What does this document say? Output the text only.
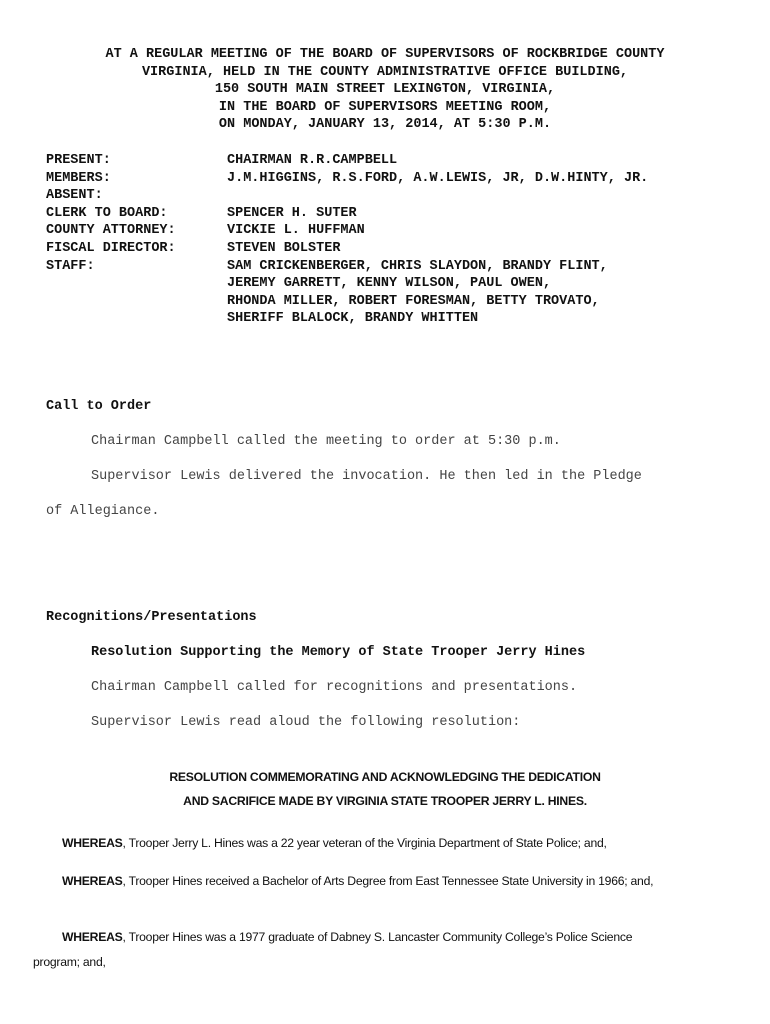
AT A REGULAR MEETING OF THE BOARD OF SUPERVISORS OF ROCKBRIDGE COUNTY
VIRGINIA, HELD IN THE COUNTY ADMINISTRATIVE OFFICE BUILDING,
150 SOUTH MAIN STREET LEXINGTON, VIRGINIA,
IN THE BOARD OF SUPERVISORS MEETING ROOM,
ON MONDAY, JANUARY 13, 2014, AT 5:30 P.M.
PRESENT:	CHAIRMAN R.R.CAMPBELL
MEMBERS:	J.M.HIGGINS, R.S.FORD, A.W.LEWIS, JR, D.W.HINTY, JR.
ABSENT:
CLERK TO BOARD:	SPENCER H. SUTER
COUNTY ATTORNEY:	VICKIE L. HUFFMAN
FISCAL DIRECTOR:	STEVEN BOLSTER
STAFF:	SAM CRICKENBERGER, CHRIS SLAYDON, BRANDY FLINT,
JEREMY GARRETT, KENNY WILSON, PAUL OWEN,
RHONDA MILLER, ROBERT FORESMAN, BETTY TROVATO,
SHERIFF BLALOCK, BRANDY WHITTEN
Call to Order
Chairman Campbell called the meeting to order at 5:30 p.m.
Supervisor Lewis delivered the invocation. He then led in the Pledge
of Allegiance.
Recognitions/Presentations
Resolution Supporting the Memory of State Trooper Jerry Hines
Chairman Campbell called for recognitions and presentations.
Supervisor Lewis read aloud the following resolution:
RESOLUTION COMMEMORATING AND ACKNOWLEDGING THE DEDICATION
AND SACRIFICE MADE BY VIRGINIA STATE TROOPER JERRY L. HINES.
WHEREAS, Trooper Jerry L. Hines was a 22 year veteran of the Virginia Department of State Police; and,
WHEREAS, Trooper Hines received a Bachelor of Arts Degree from East Tennessee State University in 1966; and,
WHEREAS, Trooper Hines was a 1977 graduate of Dabney S. Lancaster Community College’s Police Science
program; and,
